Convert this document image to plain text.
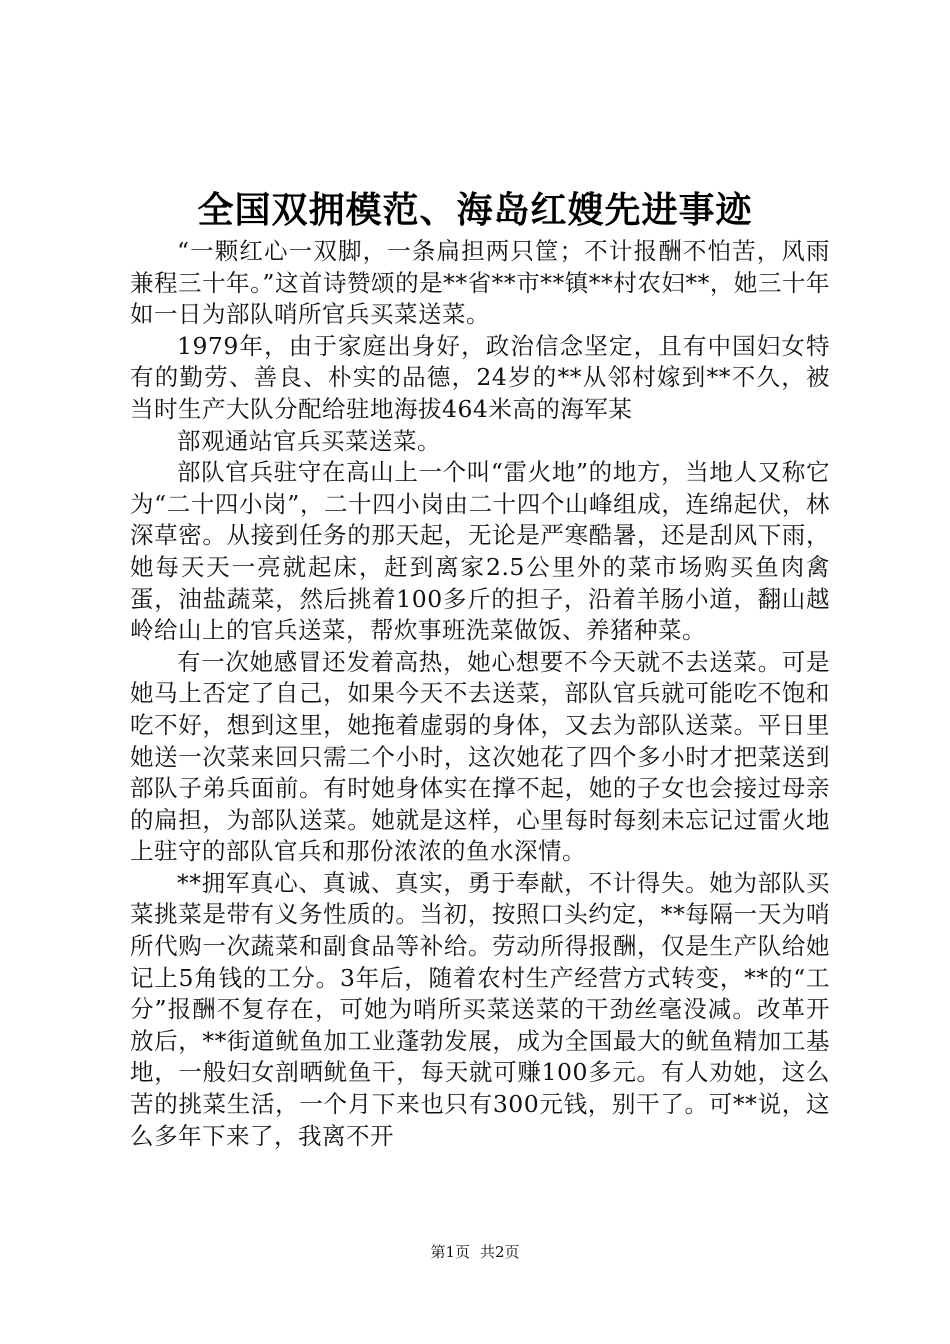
全国双拥模范、海岛红嫂先进事迹

“一颗红心一双脚，一条扁担两只筐；不计报酬不怕苦，风雨兼程三十年。”这首诗赞颂的是**省**市**镇**村农妇**，她三十年如一日为部队哨所官兵买菜送菜。

1979年，由于家庭出身好，政治信念坚定，且有中国妇女特有的勤劳、善良、朴实的品德，24岁的**从邻村嫁到**不久，被当时生产大队分配给驻地海拔464米高的海军某

部观通站官兵买菜送菜。

部队官兵驻守在高山上一个叫“雷火地”的地方，当地人又称它为“二十四小岗”，二十四小岗由二十四个山峰组成，连绵起伏，林深草密。从接到任务的那天起，无论是严寒酷暑，还是刮风下雨，她每天天一亮就起床，赶到离家2.5公里外的菜市场购买鱼肉禽蛋，油盐蔬菜，然后挑着100多斤的担子，沿着羊肠小道，翻山越岭给山上的官兵送菜，帮炊事班洗菜做饭、养猪种菜。

有一次她感冒还发着高热，她心想要不今天就不去送菜。可是她马上否定了自己，如果今天不去送菜，部队官兵就可能吃不饱和吃不好，想到这里，她拖着虚弱的身体，又去为部队送菜。平日里她送一次菜来回只需二个小时，这次她花了四个多小时才把菜送到部队子弟兵面前。有时她身体实在撑不起，她的子女也会接过母亲的扁担，为部队送菜。她就是这样，心里每时每刻未忘记过雷火地上驻守的部队官兵和那份浓浓的鱼水深情。

**拥军真心、真诚、真实，勇于奉献，不计得失。她为部队买菜挑菜是带有义务性质的。当初，按照口头约定，**每隔一天为哨所代购一次蔬菜和副食品等补给。劳动所得报酬，仅是生产队给她记上5角钱的工分。3年后，随着农村生产经营方式转变，**的“工分”报酬不复存在，可她为哨所买菜送菜的干劲丝毫没减。改革开放后，**街道鱿鱼加工业蓬勃发展，成为全国最大的鱿鱼精加工基地，一般妇女剖晒鱿鱼干，每天就可赚100多元。有人劝她，这么苦的挑菜生活，一个月下来也只有300元钱，别干了。可**说，这么多年下来了，我离不开

第1页 共2页
